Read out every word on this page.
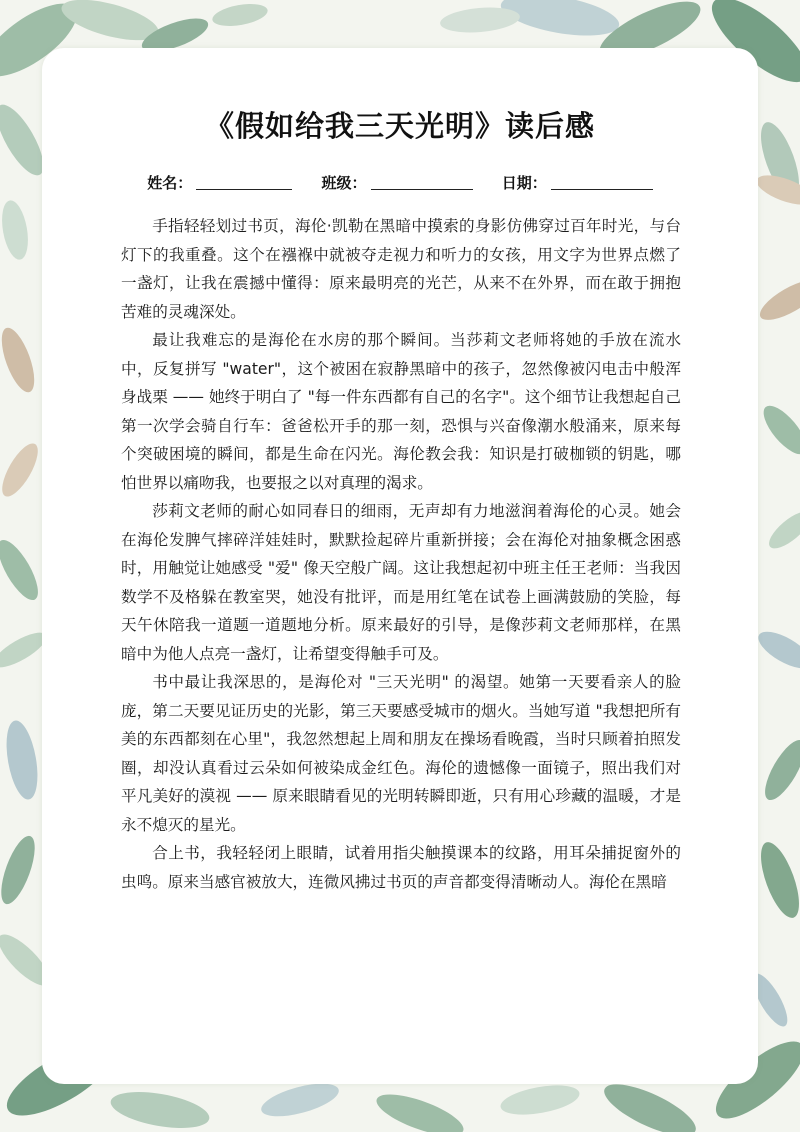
《假如给我三天光明》读后感
姓名：	班级：	日期：

手指轻轻划过书页，海伦·凯勒在黑暗中摸索的身影仿佛穿过百年时光，与台灯下的我重叠。这个在襁褓中就被夺走视力和听力的女孩，用文字为世界点燃了一盏灯，让我在震撼中懂得：原来最明亮的光芒，从来不在外界，而在敢于拥抱苦难的灵魂深处。

最让我难忘的是海伦在水房的那个瞬间。当莎莉文老师将她的手放在流水中，反复拼写 "water"，这个被困在寂静黑暗中的孩子，忽然像被闪电击中般浑身战栗 —— 她终于明白了 "每一件东西都有自己的名字"。这个细节让我想起自己第一次学会骑自行车：爸爸松开手的那一刻，恐惧与兴奋像潮水般涌来，原来每个突破困境的瞬间，都是生命在闪光。海伦教会我：知识是打破枷锁的钥匙，哪怕世界以痛吻我，也要报之以对真理的渴求。

莎莉文老师的耐心如同春日的细雨，无声却有力地滋润着海伦的心灵。她会在海伦发脾气摔碎洋娃娃时，默默捡起碎片重新拼接；会在海伦对抽象概念困惑时，用触觉让她感受 "爱" 像天空般广阔。这让我想起初中班主任王老师：当我因数学不及格躲在教室哭，她没有批评，而是用红笔在试卷上画满鼓励的笑脸，每天午休陪我一道题一道题地分析。原来最好的引导，是像莎莉文老师那样，在黑暗中为他人点亮一盏灯，让希望变得触手可及。

书中最让我深思的，是海伦对 "三天光明" 的渴望。她第一天要看亲人的脸庞，第二天要见证历史的光影，第三天要感受城市的烟火。当她写道 "我想把所有美的东西都刻在心里"，我忽然想起上周和朋友在操场看晚霞，当时只顾着拍照发圈，却没认真看过云朵如何被染成金红色。海伦的遗憾像一面镜子，照出我们对平凡美好的漠视 —— 原来眼睛看见的光明转瞬即逝，只有用心珍藏的温暖，才是永不熄灭的星光。

合上书，我轻轻闭上眼睛，试着用指尖触摸课本的纹路，用耳朵捕捉窗外的虫鸣。原来当感官被放大，连微风拂过书页的声音都变得清晰动人。海伦在黑暗
